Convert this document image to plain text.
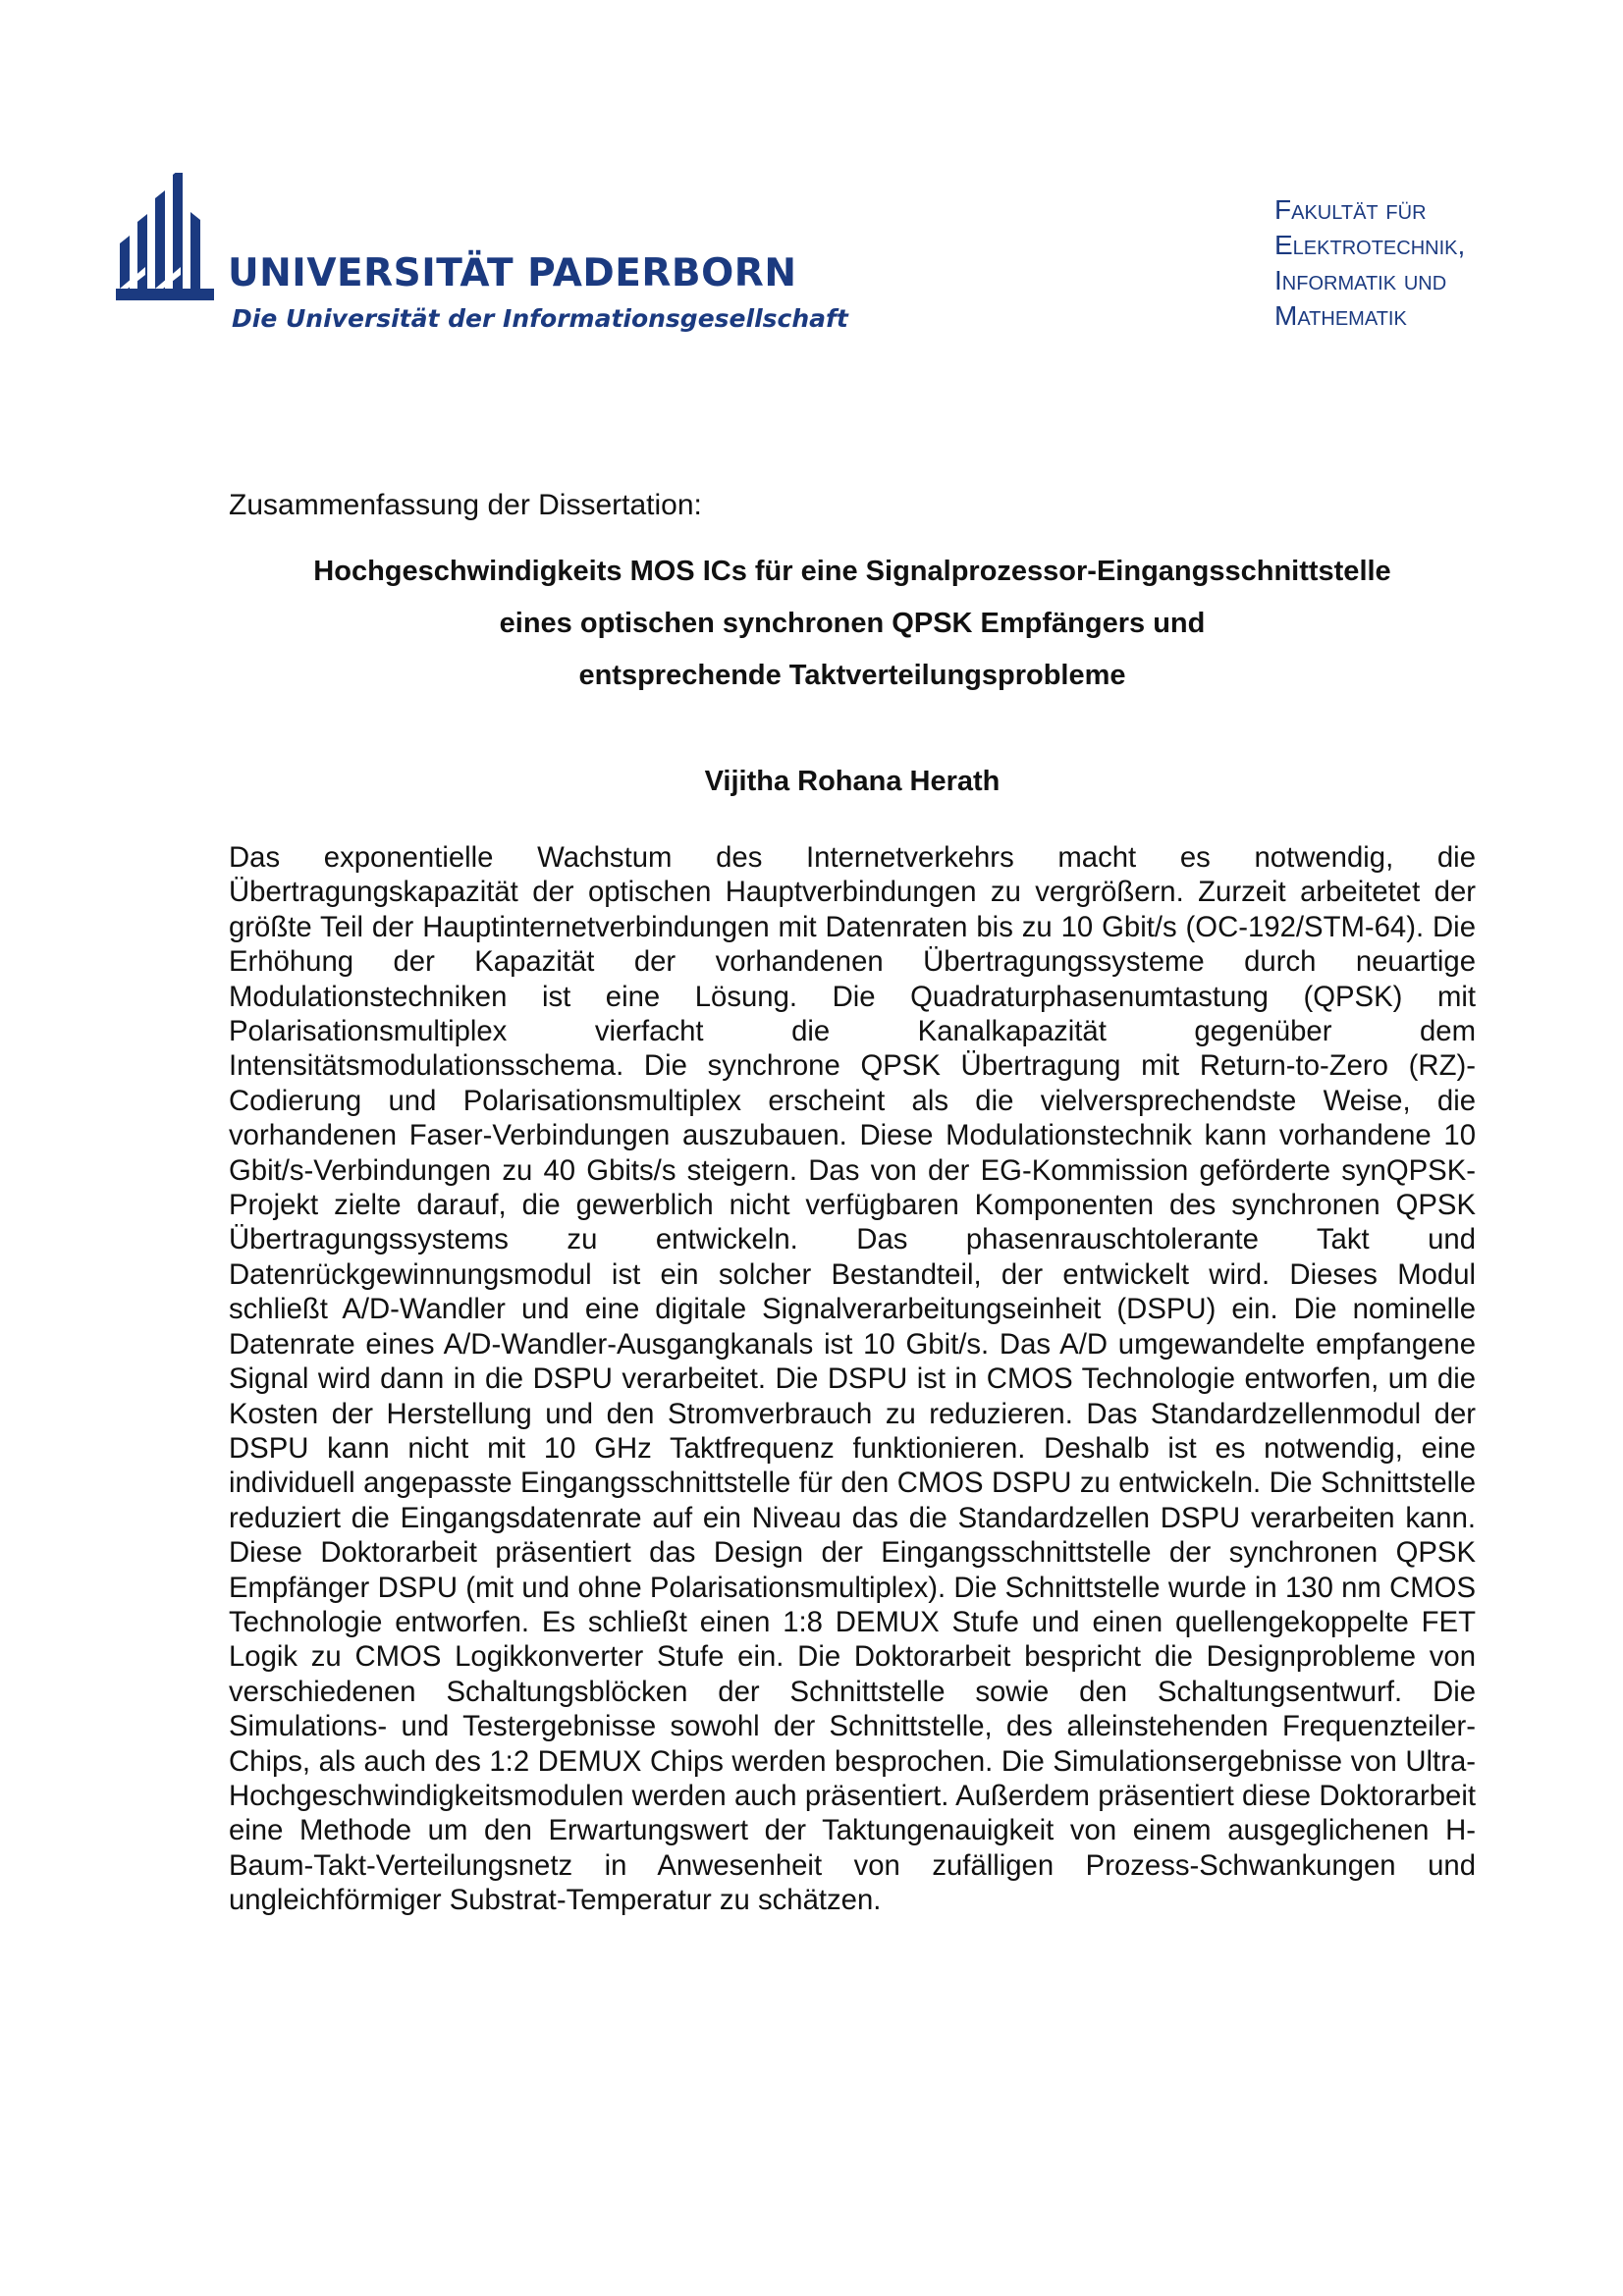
UNIVERSITÄT PADERBORN
Die Universität der Informationsgesellschaft
Fakultät für
Elektrotechnik,
Informatik und
Mathematik
Zusammenfassung der Dissertation:
Hochgeschwindigkeits MOS ICs für eine Signalprozessor-Eingangsschnittstelle
eines optischen synchronen QPSK Empfängers und
entsprechende Taktverteilungsprobleme
Vijitha Rohana Herath
Das exponentielle Wachstum des Internetverkehrs macht es notwendig, die Übertragungskapazität der optischen Hauptverbindungen zu vergrößern. Zurzeit arbeitetet der größte Teil der Hauptinternetverbindungen mit Datenraten bis zu 10 Gbit/s (OC-192/STM-64). Die Erhöhung der Kapazität der vorhandenen Übertragungssysteme durch neuartige Modulationstechniken ist eine Lösung. Die Quadraturphasenumtastung (QPSK) mit Polarisationsmultiplex vierfacht die Kanalkapazität gegenüber dem Intensitätsmodulationsschema. Die synchrone QPSK Übertragung mit Return-to-Zero (RZ)-Codierung und Polarisationsmultiplex erscheint als die vielversprechendste Weise, die vorhandenen Faser-Verbindungen auszubauen. Diese Modulationstechnik kann vorhandene 10 Gbit/s-Verbindungen zu 40 Gbits/s steigern. Das von der EG-Kommission geförderte synQPSK-Projekt zielte darauf, die gewerblich nicht verfügbaren Komponenten des synchronen QPSK Übertragungssystems zu entwickeln. Das phasenrauschtolerante Takt und Datenrückgewinnungsmodul ist ein solcher Bestandteil, der entwickelt wird. Dieses Modul schließt A/D-Wandler und eine digitale Signalverarbeitungseinheit (DSPU) ein. Die nominelle Datenrate eines A/D-Wandler-Ausgangkanals ist 10 Gbit/s. Das A/D umgewandelte empfangene Signal wird dann in die DSPU verarbeitet. Die DSPU ist in CMOS Technologie entworfen, um die Kosten der Herstellung und den Stromverbrauch zu reduzieren. Das Standardzellenmodul der DSPU kann nicht mit 10 GHz Taktfrequenz funktionieren. Deshalb ist es notwendig, eine individuell angepasste Eingangsschnittstelle für den CMOS DSPU zu entwickeln. Die Schnittstelle reduziert die Eingangsdatenrate auf ein Niveau das die Standardzellen DSPU verarbeiten kann. Diese Doktorarbeit präsentiert das Design der Eingangsschnittstelle der synchronen QPSK Empfänger DSPU (mit und ohne Polarisationsmultiplex). Die Schnittstelle wurde in 130 nm CMOS Technologie entworfen. Es schließt einen 1:8 DEMUX Stufe und einen quellengekoppelte FET Logik zu CMOS Logikkonverter Stufe ein. Die Doktorarbeit bespricht die Designprobleme von verschiedenen Schaltungsblöcken der Schnittstelle sowie den Schaltungsentwurf. Die Simulations- und Testergebnisse sowohl der Schnittstelle, des alleinstehenden Frequenzteiler-Chips, als auch des 1:2 DEMUX Chips werden besprochen. Die Simulationsergebnisse von Ultra-Hochgeschwindigkeitsmodulen werden auch präsentiert. Außerdem präsentiert diese Doktorarbeit eine Methode um den Erwartungswert der Taktungenauigkeit von einem ausgeglichenen H-Baum-Takt-Verteilungsnetz in Anwesenheit von zufälligen Prozess-Schwankungen und ungleichförmiger Substrat-Temperatur zu schätzen.
